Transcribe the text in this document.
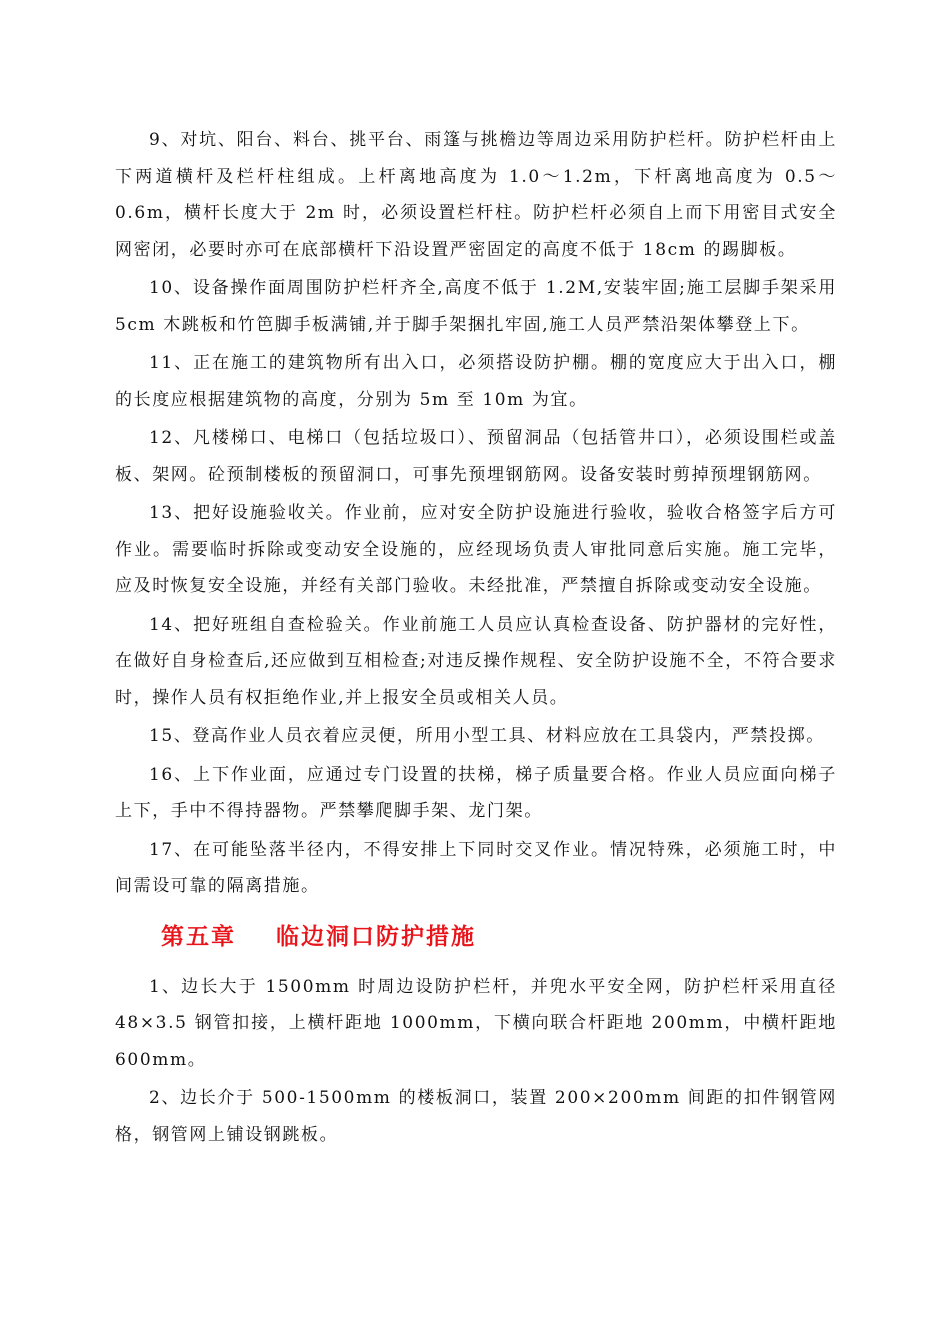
9、对坑、阳台、料台、挑平台、雨篷与挑檐边等周边采用防护栏杆。防护栏杆由上下两道横杆及栏杆柱组成。上杆离地高度为 1.0～1.2m，下杆离地高度为 0.5～0.6m，横杆长度大于 2m 时，必须设置栏杆柱。防护栏杆必须自上而下用密目式安全网密闭，必要时亦可在底部横杆下沿设置严密固定的高度不低于 18cm 的踢脚板。

10、设备操作面周围防护栏杆齐全,高度不低于 1.2M,安装牢固;施工层脚手架采用 5cm 木跳板和竹笆脚手板满铺,并于脚手架捆扎牢固,施工人员严禁沿架体攀登上下。

11、正在施工的建筑物所有出入口，必须搭设防护棚。棚的宽度应大于出入口，棚的长度应根据建筑物的高度，分别为 5m 至 10m 为宜。

12、凡楼梯口、电梯口（包括垃圾口）、预留洞品（包括管井口），必须设围栏或盖板、架网。砼预制楼板的预留洞口，可事先预埋钢筋网。设备安装时剪掉预埋钢筋网。

13、把好设施验收关。作业前，应对安全防护设施进行验收，验收合格签字后方可作业。需要临时拆除或变动安全设施的，应经现场负责人审批同意后实施。施工完毕，应及时恢复安全设施，并经有关部门验收。未经批准，严禁擅自拆除或变动安全设施。

14、把好班组自查检验关。作业前施工人员应认真检查设备、防护器材的完好性，在做好自身检查后,还应做到互相检查;对违反操作规程、安全防护设施不全，不符合要求时，操作人员有权拒绝作业,并上报安全员或相关人员。

15、登高作业人员衣着应灵便，所用小型工具、材料应放在工具袋内，严禁投掷。

16、上下作业面，应通过专门设置的扶梯，梯子质量要合格。作业人员应面向梯子上下，手中不得持器物。严禁攀爬脚手架、龙门架。

17、在可能坠落半径内，不得安排上下同时交叉作业。情况特殊，必须施工时，中间需设可靠的隔离措施。

第五章 临边洞口防护措施

1、边长大于 1500mm 时周边设防护栏杆，并兜水平安全网，防护栏杆采用直径 48×3.5 钢管扣接，上横杆距地 1000mm，下横向联合杆距地 200mm，中横杆距地 600mm。

2、边长介于 500-1500mm 的楼板洞口，装置 200×200mm 间距的扣件钢管网格，钢管网上铺设钢跳板。
